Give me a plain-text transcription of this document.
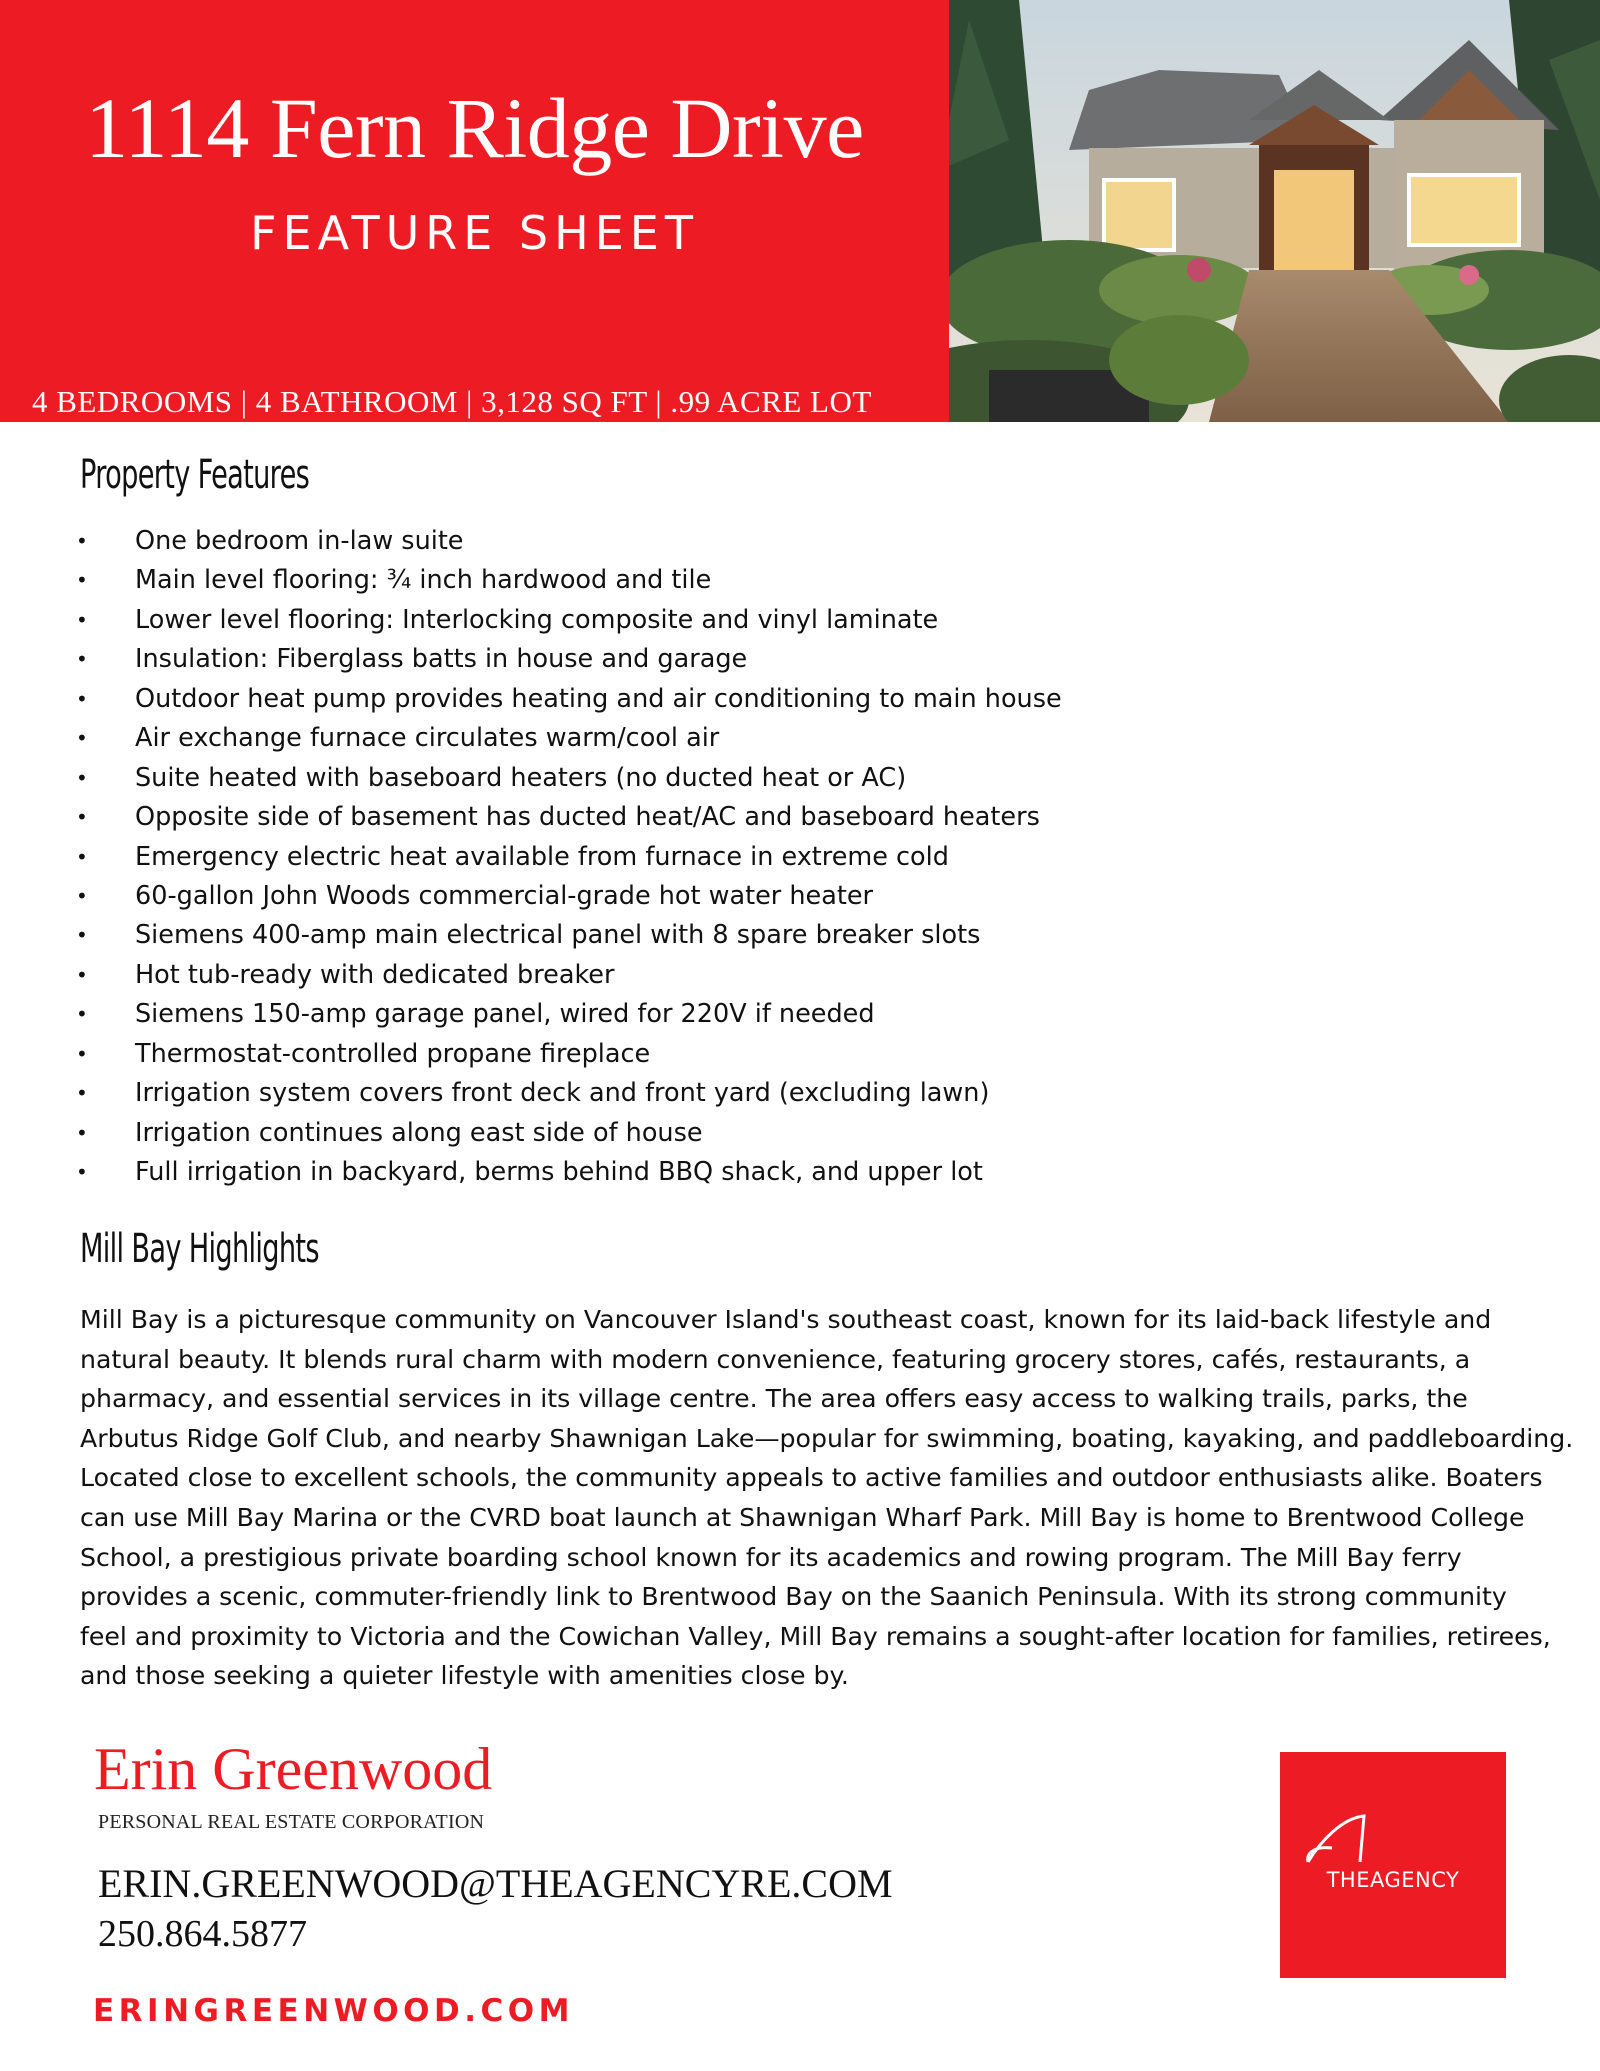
1114 Fern Ridge Drive
FEATURE SHEET
4 BEDROOMS | 4 BATHROOM | 3,128 SQ FT | .99 ACRE LOT
Property Features
• One bedroom in-law suite
• Main level flooring: ¾ inch hardwood and tile
• Lower level flooring: Interlocking composite and vinyl laminate
• Insulation: Fiberglass batts in house and garage
• Outdoor heat pump provides heating and air conditioning to main house
• Air exchange furnace circulates warm/cool air
• Suite heated with baseboard heaters (no ducted heat or AC)
• Opposite side of basement has ducted heat/AC and baseboard heaters
• Emergency electric heat available from furnace in extreme cold
• 60-gallon John Woods commercial-grade hot water heater
• Siemens 400-amp main electrical panel with 8 spare breaker slots
• Hot tub-ready with dedicated breaker
• Siemens 150-amp garage panel, wired for 220V if needed
• Thermostat-controlled propane fireplace
• Irrigation system covers front deck and front yard (excluding lawn)
• Irrigation continues along east side of house
• Full irrigation in backyard, berms behind BBQ shack, and upper lot
Mill Bay Highlights
Mill Bay is a picturesque community on Vancouver Island's southeast coast, known for its laid-back lifestyle and
natural beauty. It blends rural charm with modern convenience, featuring grocery stores, cafés, restaurants, a
pharmacy, and essential services in its village centre. The area offers easy access to walking trails, parks, the
Arbutus Ridge Golf Club, and nearby Shawnigan Lake—popular for swimming, boating, kayaking, and paddleboarding.
Located close to excellent schools, the community appeals to active families and outdoor enthusiasts alike. Boaters
can use Mill Bay Marina or the CVRD boat launch at Shawnigan Wharf Park. Mill Bay is home to Brentwood College
School, a prestigious private boarding school known for its academics and rowing program. The Mill Bay ferry
provides a scenic, commuter-friendly link to Brentwood Bay on the Saanich Peninsula. With its strong community
feel and proximity to Victoria and the Cowichan Valley, Mill Bay remains a sought-after location for families, retirees,
and those seeking a quieter lifestyle with amenities close by.
Erin Greenwood
PERSONAL REAL ESTATE CORPORATION
ERIN.GREENWOOD@THEAGENCYRE.COM
250.864.5877
ERINGREENWOOD.COM
THEAGENCY
